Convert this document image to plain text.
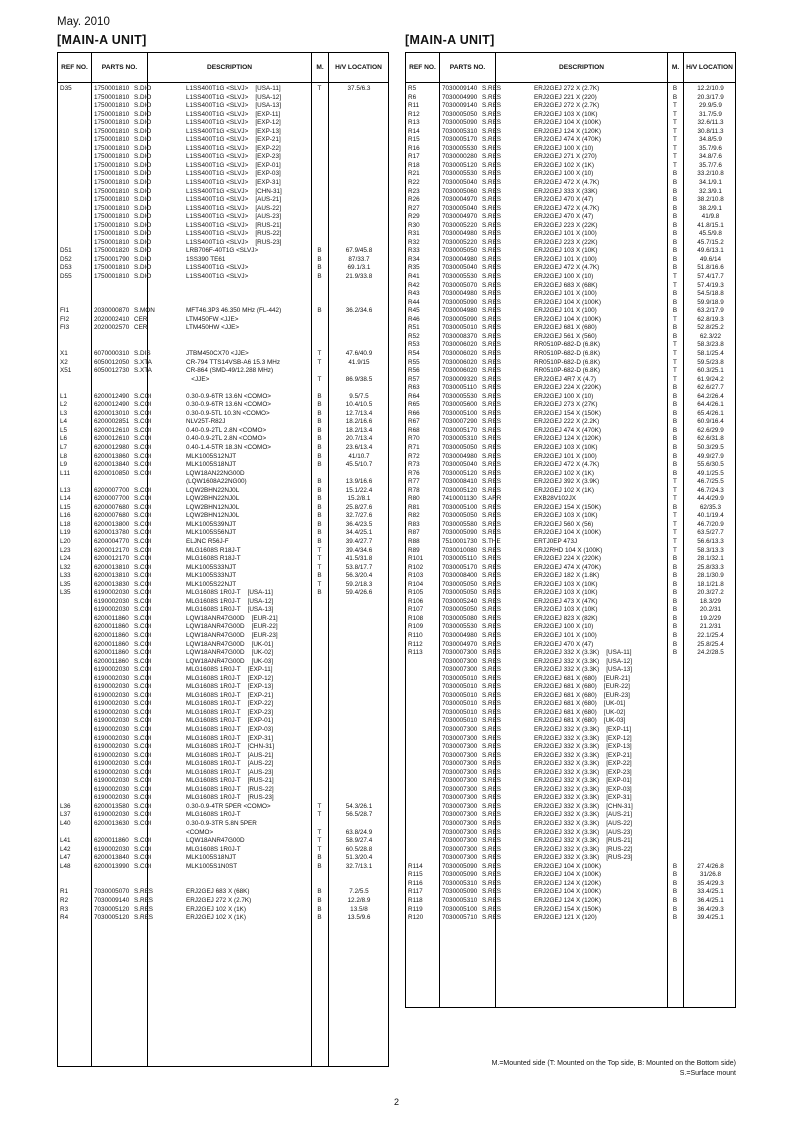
May. 2010
[MAIN-A UNIT]	[MAIN-A UNIT]
REF NO.	PARTS NO.	DESCRIPTION	M.	H/V LOCATION
D35	1750001810 S.DIO	L1SS400T1G <SLVJ>    [USA-11]	T	37.5/6.3
1750001810 S.DIO	L1SS400T1G <SLVJ>    [USA-12]
1750001810 S.DIO	L1SS400T1G <SLVJ>    [USA-13]
1750001810 S.DIO	L1SS400T1G <SLVJ>    [EXP-11]
1750001810 S.DIO	L1SS400T1G <SLVJ>    [EXP-12]
1750001810 S.DIO	L1SS400T1G <SLVJ>    [EXP-13]
1750001810 S.DIO	L1SS400T1G <SLVJ>    [EXP-21]
1750001810 S.DIO	L1SS400T1G <SLVJ>    [EXP-22]
1750001810 S.DIO	L1SS400T1G <SLVJ>    [EXP-23]
1750001810 S.DIO	L1SS400T1G <SLVJ>    [EXP-01]
1750001810 S.DIO	L1SS400T1G <SLVJ>    [EXP-03]
1750001810 S.DIO	L1SS400T1G <SLVJ>    [EXP-31]
1750001810 S.DIO	L1SS400T1G <SLVJ>    [CHN-31]
1750001810 S.DIO	L1SS400T1G <SLVJ>    [AUS-21]
1750001810 S.DIO	L1SS400T1G <SLVJ>    [AUS-22]
1750001810 S.DIO	L1SS400T1G <SLVJ>    [AUS-23]
1750001810 S.DIO	L1SS400T1G <SLVJ>    [RUS-21]
1750001810 S.DIO	L1SS400T1G <SLVJ>    [RUS-22]
1750001810 S.DIO	L1SS400T1G <SLVJ>    [RUS-23]
D51	1750001820 S.DIO	LRB706F-40T1G <SLVJ>	B	67.9/45.8
D52	1750001790 S.DIO	1SS390 TE61	B	87/33.7
D53	1750001810 S.DIO	L1SS400T1G <SLVJ>	B	69.1/3.1
D55	1750001810 S.DIO	L1SS400T1G <SLVJ>	B	21.9/33.8
FI1	2030000870 S.MON	MFT46.3P3 46.350 MHz (FL-442)	B	36.2/34.6
FI2	2020002410 CER	LTM450FW <JJE>
FI3	2020002570 CER	LTM450HW <JJE>
X1	6070000310 S.DIS	JTBM450CX70 <JJE>	T	47.6/40.9
X2	6050012050 S.XTA	CR-794 TTS14VSB-A6 15.3 MHz	T	41.9/15
X51	6050012730 S.XTA	CR-864 (SMD-49/12.288 MHz)
<JJE>	T	86.9/38.5
L1	6200012490 S.COI	0.30-0.9-6TR 13.6N <COMO>	B	9.5/7.5
L2	6200012490 S.COI	0.30-0.9-6TR 13.6N <COMO>	B	10.4/10.5
L3	6200013010 S.COI	0.30-0.9-5TL 10.3N <COMO>	B	12.7/13.4
L4	6200002851 S.COI	NLV25T-R82J	B	18.2/16.6
L5	6200012610 S.COI	0.40-0.9-2TL 2.8N <COMO>	B	18.2/13.4
L6	6200012610 S.COI	0.40-0.9-2TL 2.8N <COMO>	B	20.7/13.4
L7	6200012980 S.COI	0.40-1.4-5TR 18.3N <COMO>	B	23.6/13.4
L8	6200013860 S.COI	MLK1005S12NJT	B	41/10.7
L9	6200013840 S.COI	MLK1005S18NJT	B	45.5/10.7
L11	6200010850 S.COI	LQW18AN22NG00D
(LQW1608A22NG00)	B	13.9/16.6
L13	6200007700 S.COI	LQW2BHN22NJ0L	B	15.1/22.4
L14	6200007700 S.COI	LQW2BHN22NJ0L	B	15.2/8.1
L15	6200007680 S.COI	LQW2BHN12NJ0L	B	25.8/27.6
L16	6200007680 S.COI	LQW2BHN12NJ0L	B	32.7/27.6
L18	6200013800 S.COI	MLK1005S39NJT	B	36.4/23.5
L19	6200013780 S.COI	MLK1005S56NJT	B	34.4/25.1
L20	6200004770 S.COI	ELJNC R56J-F	B	39.4/27.7
L23	6200012170 S.COI	MLG1608S R18J-T	T	39.4/34.6
L24	6200012170 S.COI	MLG1608S R18J-T	T	41.5/31.8
L32	6200013810 S.COI	MLK1005S33NJT	T	53.8/17.7
L33	6200013810 S.COI	MLK1005S33NJT	B	56.3/20.4
L35	6200013830 S.COI	MLK1005S22NJT	T	59.2/18.3
L35	6190002030 S.COI	MLG1608S 1R0J-T    [USA-11]	B	59.4/26.6
6190002030 S.COI	MLG1608S 1R0J-T    [USA-12]
6190002030 S.COI	MLG1608S 1R0J-T    [USA-13]
6200011860 S.COI	LQW18ANR47G00D    [EUR-21]
6200011860 S.COI	LQW18ANR47G00D    [EUR-22]
6200011860 S.COI	LQW18ANR47G00D    [EUR-23]
6200011860 S.COI	LQW18ANR47G00D    [UK-01]
6200011860 S.COI	LQW18ANR47G00D    [UK-02]
6200011860 S.COI	LQW18ANR47G00D    [UK-03]
6190002030 S.COI	MLG1608S 1R0J-T    [EXP-11]
6190002030 S.COI	MLG1608S 1R0J-T    [EXP-12]
6190002030 S.COI	MLG1608S 1R0J-T    [EXP-13]
6190002030 S.COI	MLG1608S 1R0J-T    [EXP-21]
6190002030 S.COI	MLG1608S 1R0J-T    [EXP-22]
6190002030 S.COI	MLG1608S 1R0J-T    [EXP-23]
6190002030 S.COI	MLG1608S 1R0J-T    [EXP-01]
6190002030 S.COI	MLG1608S 1R0J-T    [EXP-03]
6190002030 S.COI	MLG1608S 1R0J-T    [EXP-31]
6190002030 S.COI	MLG1608S 1R0J-T    [CHN-31]
6190002030 S.COI	MLG1608S 1R0J-T    [AUS-21]
6190002030 S.COI	MLG1608S 1R0J-T    [AUS-22]
6190002030 S.COI	MLG1608S 1R0J-T    [AUS-23]
6190002030 S.COI	MLG1608S 1R0J-T    [RUS-21]
6190002030 S.COI	MLG1608S 1R0J-T    [RUS-22]
6190002030 S.COI	MLG1608S 1R0J-T    [RUS-23]
L36	6200013580 S.COI	0.30-0.9-4TR 5PER <COMO>	T	54.3/26.1
L37	6190002030 S.COI	MLG1608S 1R0J-T	T	56.5/28.7
L40	6200013630 S.COI	0.30-0.9-3TR 5.8N 5PER
<COMO>	T	63.8/24.9
L41	6200011860 S.COI	LQW18ANR47G00D	T	58.9/27.4
L42	6190002030 S.COI	MLG1608S 1R0J-T	T	60.5/28.8
L47	6200013840 S.COI	MLK1005S18NJT	B	51.3/20.4
L48	6200013990 S.COI	MLK1005S1N0ST	B	32.7/13.1
R1	7030005070 S.RES	ERJ2GEJ 683 X (68K)	B	7.2/5.5
R2	7030009140 S.RES	ERJ2GEJ 272 X (2.7K)	B	12.2/8.9
R3	7030005120 S.RES	ERJ2GEJ 102 X (1K)	B	13.5/8
R4	7030005120 S.RES	ERJ2GEJ 102 X (1K)	B	13.5/9.6
REF NO.	PARTS NO.	DESCRIPTION	M.	H/V LOCATION
R5	7030009140 S.RES	ERJ2GEJ 272 X (2.7K)	B	12.2/10.9
R6	7030004990 S.RES	ERJ2GEJ 221 X (220)	B	20.3/17.9
R11	7030009140 S.RES	ERJ2GEJ 272 X (2.7K)	T	29.9/5.9
R12	7030005050 S.RES	ERJ2GEJ 103 X (10K)	T	31.7/5.9
R13	7030005090 S.RES	ERJ2GEJ 104 X (100K)	T	32.6/11.3
R14	7030005310 S.RES	ERJ2GEJ 124 X (120K)	T	30.8/11.3
R15	7030005170 S.RES	ERJ2GEJ 474 X (470K)	T	34.8/5.9
R16	7030005530 S.RES	ERJ2GEJ 100 X (10)	T	35.7/9.6
R17	7030000280 S.RES	ERJ2GEJ 271 X (270)	T	34.8/7.6
R18	7030005120 S.RES	ERJ2GEJ 102 X (1K)	T	35.7/7.6
R21	7030005530 S.RES	ERJ2GEJ 100 X (10)	B	33.2/10.8
R22	7030005040 S.RES	ERJ2GEJ 472 X (4.7K)	B	34.1/9.1
R23	7030005060 S.RES	ERJ2GEJ 333 X (33K)	B	32.3/9.1
R26	7030004970 S.RES	ERJ2GEJ 470 X (47)	B	38.2/10.8
R27	7030005040 S.RES	ERJ2GEJ 472 X (4.7K)	B	38.2/9.1
R29	7030004970 S.RES	ERJ2GEJ 470 X (47)	B	41/9.8
R30	7030005220 S.RES	ERJ2GEJ 223 X (22K)	B	41.8/15.1
R31	7030004980 S.RES	ERJ2GEJ 101 X (100)	B	45.5/9.8
R32	7030005220 S.RES	ERJ2GEJ 223 X (22K)	B	45.7/15.2
R33	7030005050 S.RES	ERJ2GEJ 103 X (10K)	B	49.6/13.1
R34	7030004980 S.RES	ERJ2GEJ 101 X (100)	B	49.6/14
R35	7030005040 S.RES	ERJ2GEJ 472 X (4.7K)	B	51.8/16.6
R41	7030005530 S.RES	ERJ2GEJ 100 X (10)	T	57.4/17.7
R42	7030005070 S.RES	ERJ2GEJ 683 X (68K)	T	57.4/19.3
R43	7030004980 S.RES	ERJ2GEJ 101 X (100)	B	54.5/18.8
R44	7030005090 S.RES	ERJ2GEJ 104 X (100K)	B	59.9/18.9
R45	7030004980 S.RES	ERJ2GEJ 101 X (100)	B	63.2/17.9
R46	7030005090 S.RES	ERJ2GEJ 104 X (100K)	T	62.8/19.3
R51	7030005010 S.RES	ERJ2GEJ 681 X (680)	B	52.8/25.2
R52	7030008370 S.RES	ERJ2GEJ 561 X (560)	B	62.3/22
R53	7030006020 S.RES	RR0510P-682-D (6.8K)	T	58.3/23.8
R54	7030006020 S.RES	RR0510P-682-D (6.8K)	T	58.1/25.4
R55	7030006020 S.RES	RR0510P-682-D (6.8K)	T	59.5/23.8
R56	7030006020 S.RES	RR0510P-682-D (6.8K)	T	60.3/25.1
R57	7030009320 S.RES	ERJ2GEJ 4R7 X (4.7)	T	61.9/24.2
R63	7030005110 S.RES	ERJ2GEJ 224 X (220K)	B	62.6/27.7
R64	7030005530 S.RES	ERJ2GEJ 100 X (10)	B	64.2/26.4
R65	7030005600 S.RES	ERJ2GEJ 273 X (27K)	B	64.4/26.1
R66	7030005100 S.RES	ERJ2GEJ 154 X (150K)	B	65.4/26.1
R67	7030007290 S.RES	ERJ2GEJ 222 X (2.2K)	B	60.9/16.4
R68	7030005170 S.RES	ERJ2GEJ 474 X (470K)	B	62.6/29.9
R70	7030005310 S.RES	ERJ2GEJ 124 X (120K)	B	62.6/31.8
R71	7030005050 S.RES	ERJ2GEJ 103 X (10K)	B	50.3/29.5
R72	7030004980 S.RES	ERJ2GEJ 101 X (100)	B	49.9/27.9
R73	7030005040 S.RES	ERJ2GEJ 472 X (4.7K)	B	55.6/30.5
R76	7030005120 S.RES	ERJ2GEJ 102 X (1K)	B	49.1/25.5
R77	7030008410 S.RES	ERJ2GEJ 392 X (3.9K)	T	46.7/25.5
R78	7030005120 S.RES	ERJ2GEJ 102 X (1K)	T	46.7/24.3
R80	7410001130 S.ARR	EXB28V102JX	T	44.4/29.9
R81	7030005100 S.RES	ERJ2GEJ 154 X (150K)	B	62/35.3
R82	7030005050 S.RES	ERJ2GEJ 103 X (10K)	T	40.1/19.4
R83	7030005580 S.RES	ERJ2GEJ 560 X (56)	T	46.7/20.9
R87	7030005090 S.RES	ERJ2GEJ 104 X (100K)	T	63.5/27.7
R88	7510001730 S.THE	ERTJ0EP 473J	T	56.6/13.3
R89	7030010080 S.RES	ERJ2RHD 104 X (100K)	T	58.3/13.3
R101	7030005110 S.RES	ERJ2GEJ 224 X (220K)	B	28.1/32.1
R102	7030005170 S.RES	ERJ2GEJ 474 X (470K)	B	25.8/33.3
R103	7030008400 S.RES	ERJ2GEJ 182 X (1.8K)	B	28.1/30.9
R104	7030005050 S.RES	ERJ2GEJ 103 X (10K)	B	18.1/21.8
R105	7030005050 S.RES	ERJ2GEJ 103 X (10K)	B	20.3/27.2
R106	7030005240 S.RES	ERJ2GEJ 473 X (47K)	B	18.3/29
R107	7030005050 S.RES	ERJ2GEJ 103 X (10K)	B	20.2/31
R108	7030005080 S.RES	ERJ2GEJ 823 X (82K)	B	19.2/29
R109	7030005530 S.RES	ERJ2GEJ 100 X (10)	B	21.2/31
R110	7030004980 S.RES	ERJ2GEJ 101 X (100)	B	22.1/25.4
R112	7030004970 S.RES	ERJ2GEJ 470 X (47)	B	25.8/25.4
R113	7030007300 S.RES	ERJ2GEJ 332 X (3.3K)    [USA-11]	B	24.2/28.5
7030007300 S.RES	ERJ2GEJ 332 X (3.3K)    [USA-12]
7030007300 S.RES	ERJ2GEJ 332 X (3.3K)    [USA-13]
7030005010 S.RES	ERJ2GEJ 681 X (680)    [EUR-21]
7030005010 S.RES	ERJ2GEJ 681 X (680)    [EUR-22]
7030005010 S.RES	ERJ2GEJ 681 X (680)    [EUR-23]
7030005010 S.RES	ERJ2GEJ 681 X (680)    [UK-01]
7030005010 S.RES	ERJ2GEJ 681 X (680)    [UK-02]
7030005010 S.RES	ERJ2GEJ 681 X (680)    [UK-03]
7030007300 S.RES	ERJ2GEJ 332 X (3.3K)    [EXP-11]
7030007300 S.RES	ERJ2GEJ 332 X (3.3K)    [EXP-12]
7030007300 S.RES	ERJ2GEJ 332 X (3.3K)    [EXP-13]
7030007300 S.RES	ERJ2GEJ 332 X (3.3K)    [EXP-21]
7030007300 S.RES	ERJ2GEJ 332 X (3.3K)    [EXP-22]
7030007300 S.RES	ERJ2GEJ 332 X (3.3K)    [EXP-23]
7030007300 S.RES	ERJ2GEJ 332 X (3.3K)    [EXP-01]
7030007300 S.RES	ERJ2GEJ 332 X (3.3K)    [EXP-03]
7030007300 S.RES	ERJ2GEJ 332 X (3.3K)    [EXP-31]
7030007300 S.RES	ERJ2GEJ 332 X (3.3K)    [CHN-31]
7030007300 S.RES	ERJ2GEJ 332 X (3.3K)    [AUS-21]
7030007300 S.RES	ERJ2GEJ 332 X (3.3K)    [AUS-22]
7030007300 S.RES	ERJ2GEJ 332 X (3.3K)    [AUS-23]
7030007300 S.RES	ERJ2GEJ 332 X (3.3K)    [RUS-21]
7030007300 S.RES	ERJ2GEJ 332 X (3.3K)    [RUS-22]
7030007300 S.RES	ERJ2GEJ 332 X (3.3K)    [RUS-23]
R114	7030005090 S.RES	ERJ2GEJ 104 X (100K)	B	27.4/26.8
R115	7030005090 S.RES	ERJ2GEJ 104 X (100K)	B	31/26.8
R116	7030005310 S.RES	ERJ2GEJ 124 X (120K)	B	35.4/29.3
R117	7030005090 S.RES	ERJ2GEJ 104 X (100K)	B	33.4/25.1
R118	7030005310 S.RES	ERJ2GEJ 124 X (120K)	B	36.4/25.1
R119	7030005100 S.RES	ERJ2GEJ 154 X (150K)	B	36.4/29.3
R120	7030005710 S.RES	ERJ2GEJ 121 X (120)	B	39.4/25.1
M.=Mounted side (T: Mounted on the Top side, B: Mounted on the Bottom side)
S.=Surface mount
2
